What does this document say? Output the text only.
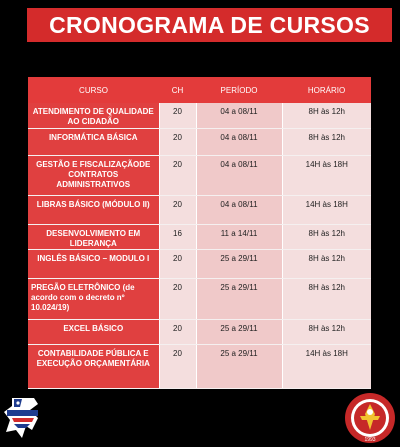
CRONOGRAMA DE CURSOS
CURSO	CH	PERÍODO	HORÁRIO
ATENDIMENTO DE QUALIDADE AO CIDADÃO	20	04 a 08/11	8H às 12h
INFORMÁTICA BÁSICA	20	04 a 08/11	8H às 12h
GESTÃO E FISCALIZAÇÃODE CONTRATOS ADMINISTRATIVOS	20	04 a 08/11	14H às 18H
LIBRAS BÁSICO (MÓDULO II)	20	04 a 08/11	14H às 18H
DESENVOLVIMENTO EM LIDERANÇA	16	11 a 14/11	8H às 12h
INGLÊS BÁSICO – MODULO I	20	25 a 29/11	8H às 12h
PREGÃO ELETRÔNICO (de acordo com o decreto nº 10.024/19)	20	25 a 29/11	8H às 12h
EXCEL BÁSICO	20	25 a 29/11	8H às 12h
CONTABILIDADE PÚBLICA E EXECUÇÃO ORÇAMENTÁRIA	20	25 a 29/11	14H às 18H
1993
